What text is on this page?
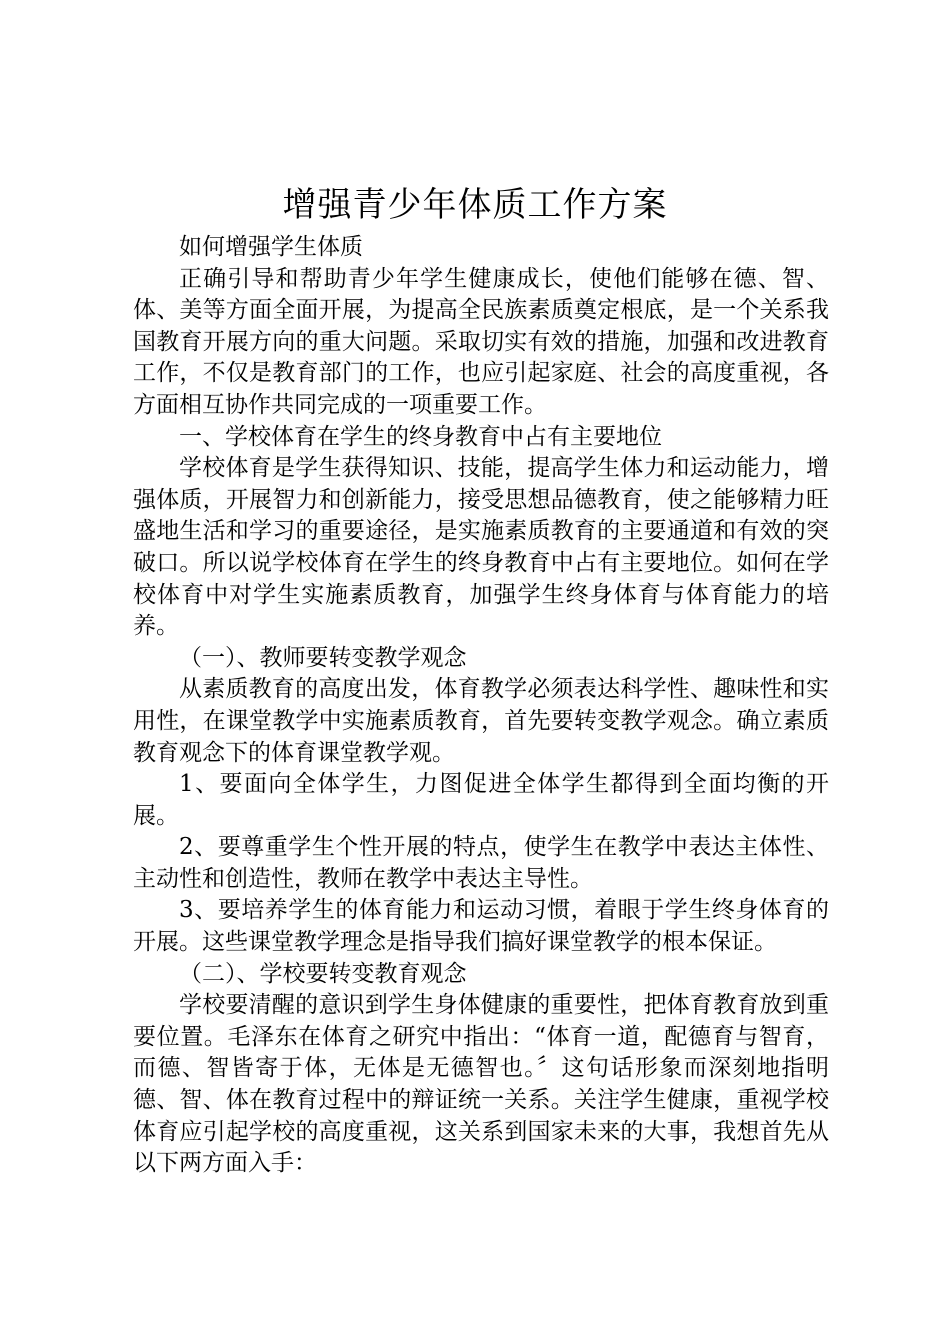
增强青少年体质工作方案

如何增强学生体质

正确引导和帮助青少年学生健康成长，使他们能够在德、智、体、美等方面全面开展，为提高全民族素质奠定根底，是一个关系我国教育开展方向的重大问题。采取切实有效的措施，加强和改进教育工作，不仅是教育部门的工作，也应引起家庭、社会的高度重视，各方面相互协作共同完成的一项重要工作。

一、学校体育在学生的终身教育中占有主要地位

学校体育是学生获得知识、技能，提高学生体力和运动能力，增强体质，开展智力和创新能力，接受思想品德教育，使之能够精力旺盛地生活和学习的重要途径，是实施素质教育的主要通道和有效的突破口。所以说学校体育在学生的终身教育中占有主要地位。如何在学校体育中对学生实施素质教育，加强学生终身体育与体育能力的培养。

（一）、教师要转变教学观念

从素质教育的高度出发，体育教学必须表达科学性、趣味性和实用性，在课堂教学中实施素质教育，首先要转变教学观念。确立素质教育观念下的体育课堂教学观。

1、要面向全体学生，力图促进全体学生都得到全面均衡的开展。

2、要尊重学生个性开展的特点，使学生在教学中表达主体性、主动性和创造性，教师在教学中表达主导性。

3、要培养学生的体育能力和运动习惯，着眼于学生终身体育的开展。这些课堂教学理念是指导我们搞好课堂教学的根本保证。

（二）、学校要转变教育观念

学校要清醒的意识到学生身体健康的重要性，把体育教育放到重要位置。毛泽东在体育之研究中指出：“体育一道，配德育与智育，而德、智皆寄于体，无体是无德智也。〞这句话形象而深刻地指明德、智、体在教育过程中的辩证统一关系。关注学生健康，重视学校体育应引起学校的高度重视，这关系到国家未来的大事，我想首先从以下两方面入手：
